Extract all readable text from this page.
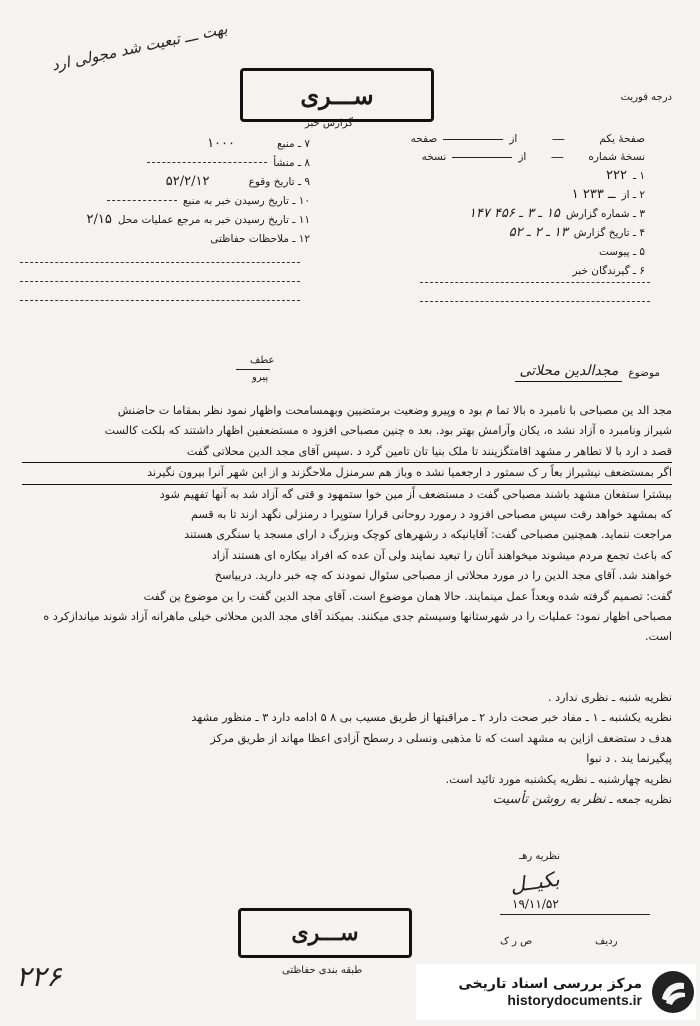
بهت ـــ تبعیت شد مجولی ارد
ســـری
گزارش خبر
درجه فوریت
صفحهٔ یکم
—
از
صفحه
نسخهٔ شماره
—
از
نسخه
۱ ـ
۲۲۲
۲ ـ از
ــ ۲۳۳ ۱
۳ ـ شماره گزارش
۱۵ ـ ۳ ـ ۴۵۶ ۱۴۷
۴ ـ تاریخ گزارش
۱۳ ـ ۲ ـ ۵۲
۵ ـ پیوست
۶ ـ گیرندگان خبر
۷ ـ منبع
۱۰۰۰
۸ ـ منشأ
۹ ـ تاریخ وقوع
۵۲/۲/۱۲
۱۰ ـ تاریخ رسیدن خبر به منبع
۱۱ ـ تاریخ رسیدن خبر به مرجع عملیات محل
۲/۱۵
۱۲ ـ ملاحظات حفاظتی
عطف
پیرو	موضوع
مجدالدین محلاتی

مجد الد ین مصباحی با نامبرد ه بالا تما م بود ه وپیرو وضعیت برمتضیین وبهمسامحت واظهار نمود نظر بمقاما ت حاضنش

شیراز ونامبرد ه آزاد نشد ه، یکان وآرامش بهتر بود. بعد ه چنین مصباحی افزود ه مستضعفین اظهار داشتند که بلکت کالست

قصد د ارد با لا تطاهر ر مشهد اقامتگزینند تا ملک بنیا تان تامین گرد د .سپس آقای مجد الدین محلاتی گفت

اگر بمستضعف نیشیراز بعاً ر ک سمتور د ارجعمیا نشد ه وباز هم سرمنزل ملاحگزند و از این شهر آنرا بیرون نگیرند

بیشترا ستفعان مشهد باشند مصباحی گفت د مستضعف اًز مین‌ خوا ستمهود و قتی گه آزاد شد به آنها تفهیم شود

که بمشهد خواهد رفت سپس مصباحی افزود د رمورد روحانی قرارا ستوپرا د رمنزلی نگهد ارند تا به قسم

مراجعت ننماید. همچنین مصباحی گفت: آقایانیکه د رشهرهای کوچک وبزرگ د ارای مسجد یا سنگری هستند

که باعث تجمع مردم میشوند میخواهند آنان را تبعید نمایند ولی آن عده که افراد بیکاره ای هستند آزاد

خواهند شد. آقای مجد الدین را در مورد محلاتی از مصباحی سئوال نمودند که چه خبر دارید. دربیاسخ

گفت: تصمیم گرفته شده وبعداً عمل مینمایند. حالا همان موضوع است. آقای مجد الدین گفت را ین موضوع ین گفت

مصباحی اظهار نمود: عملیات را در شهرستانها وسیستم جدی میکنند. بمیکند آقای مجد الدین محلاتی خیلی ماهرانه آزاد شوند میاندازکرد ه

است.

نظریه شنبه ـ نظری ندارد .

نظریه یکشنبه ـ ۱ ـ مفاد خبر صحت دارد ۲ ـ مراقبتها از طریق مسیب بی ۸ ۵ ادامه دارد ۳ ـ منظور مشهد

هدف د ستضعف ازاین به مشهد است که تا مذهبی ونسلی د رسطح آزادی اعظا مهاند از طریق مرکز

پیگیرنما یند . د نبوا

نظریه چهارشنبه ـ نظریه یکشنبه مورد تائید است.

نظریه جمعه ـ نظر به روشن تأسیت

نظریه رهـ
بکیــل
۱۹/۱۱/۵۲
ردیف
ص ر ک
ســـری
طبقه بندی حفاظتی
۲۲۶	مرکز بررسی اسناد تاریخی
historydocuments.ir
